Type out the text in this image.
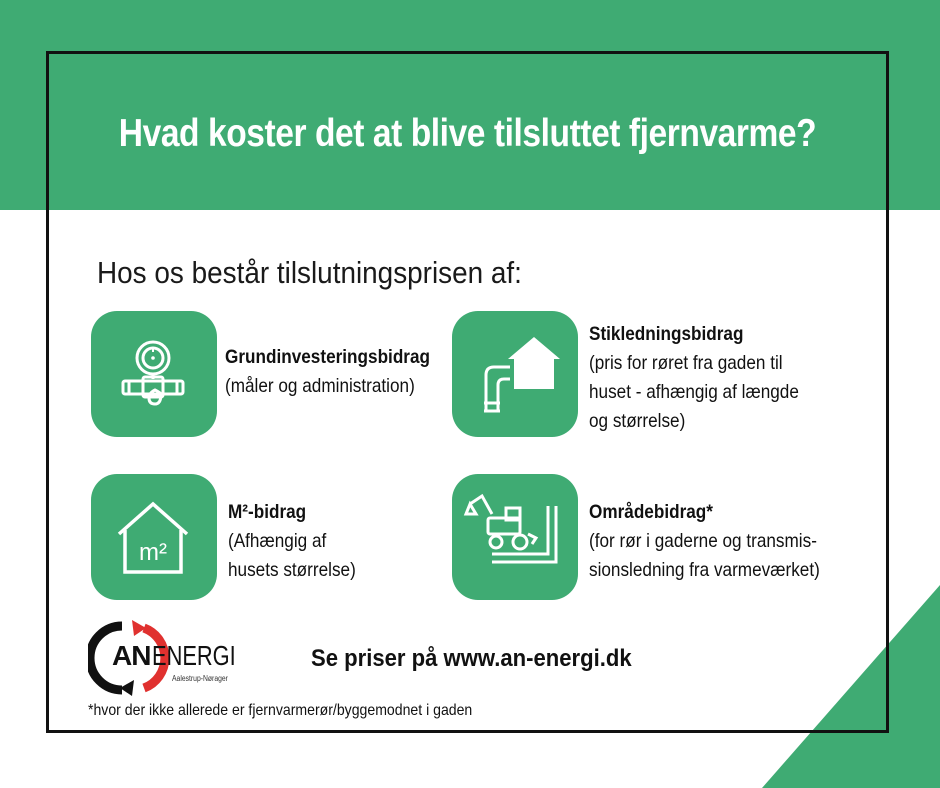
Hvad koster det at blive tilsluttet fjernvarme?
Hos os består tilslutningsprisen af:
Grundinvesteringsbidrag
(måler og administration)
Stikledningsbidrag
(pris for røret fra gaden til
huset - afhængig af længde
og størrelse)
m²
M²-bidrag
(Afhængig af
husets størrelse)
Områdebidrag*
(for rør i gaderne og transmis-
sionsledning fra varmeværket)
AN ENERGI
Aalestrup-Nørager
Se priser på www.an-energi.dk
*hvor der ikke allerede er fjernvarmerør/byggemodnet i gaden
